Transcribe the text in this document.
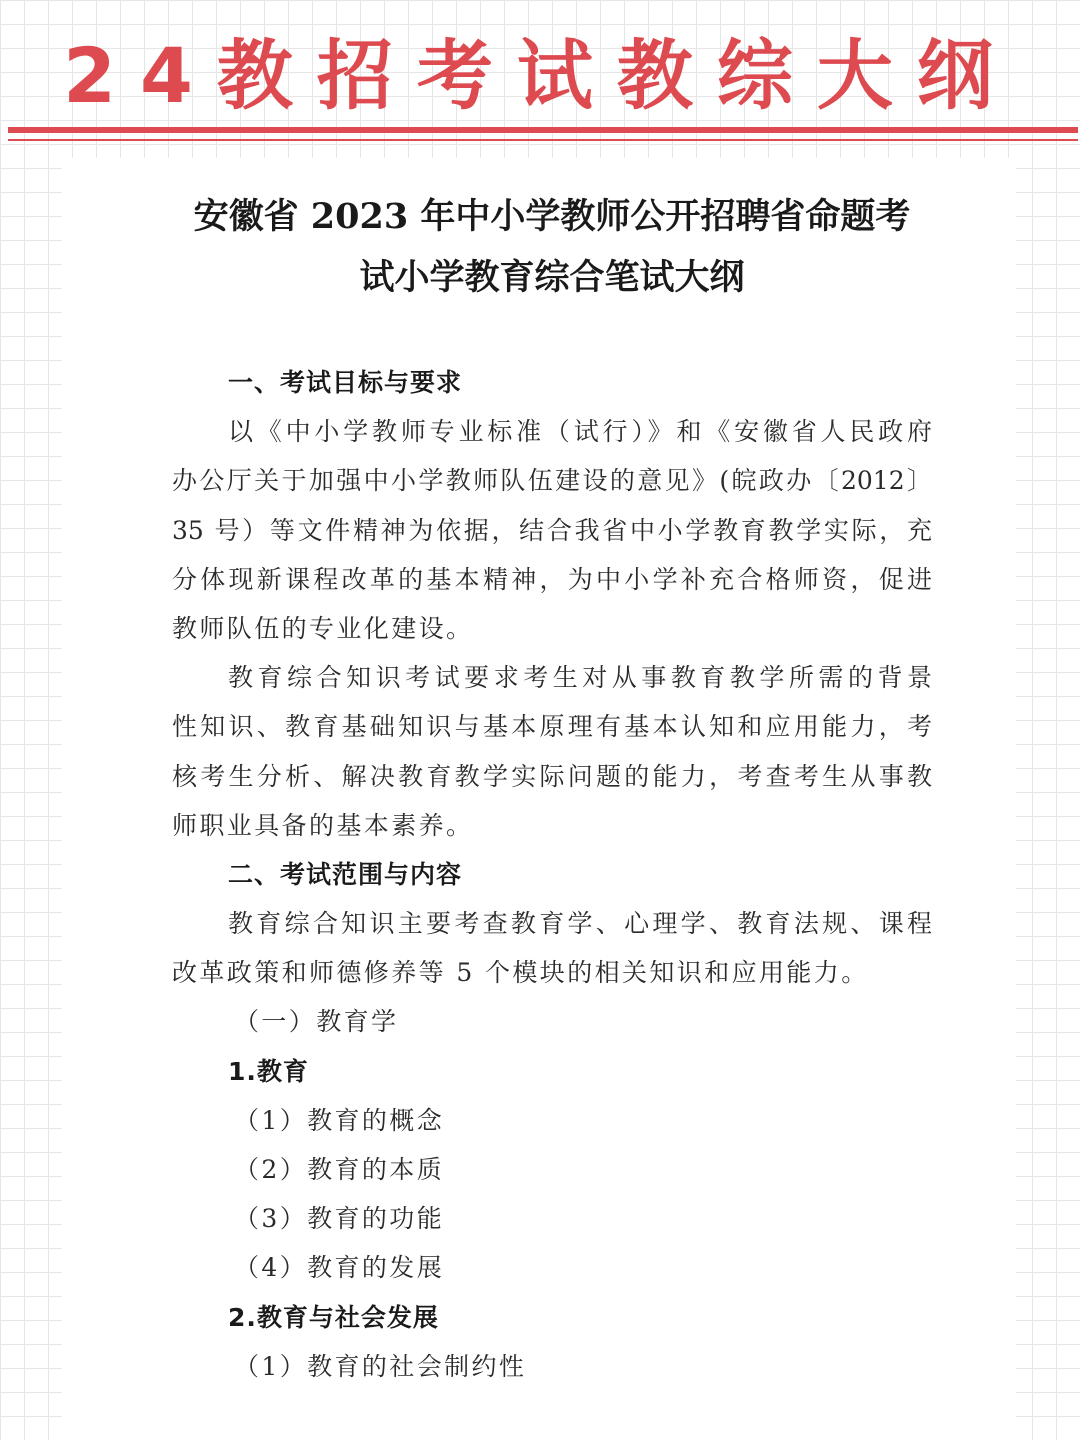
24教招考试教综大纲
安徽省 2023 年中小学教师公开招聘省命题考
试小学教育综合笔试大纲
一、考试目标与要求
以《中小学教师专业标准（试行）》和《安徽省人民政府
办公厅关于加强中小学教师队伍建设的意见》(皖政办〔2012〕
35 号）等文件精神为依据，结合我省中小学教育教学实际，充
分体现新课程改革的基本精神，为中小学补充合格师资，促进
教师队伍的专业化建设。
教育综合知识考试要求考生对从事教育教学所需的背景
性知识、教育基础知识与基本原理有基本认知和应用能力，考
核考生分析、解决教育教学实际问题的能力，考查考生从事教
师职业具备的基本素养。
二、考试范围与内容
教育综合知识主要考查教育学、心理学、教育法规、课程
改革政策和师德修养等 5 个模块的相关知识和应用能力。
（一）教育学
1.教育
（1）教育的概念
（2）教育的本质
（3）教育的功能
（4）教育的发展
2.教育与社会发展
（1）教育的社会制约性
